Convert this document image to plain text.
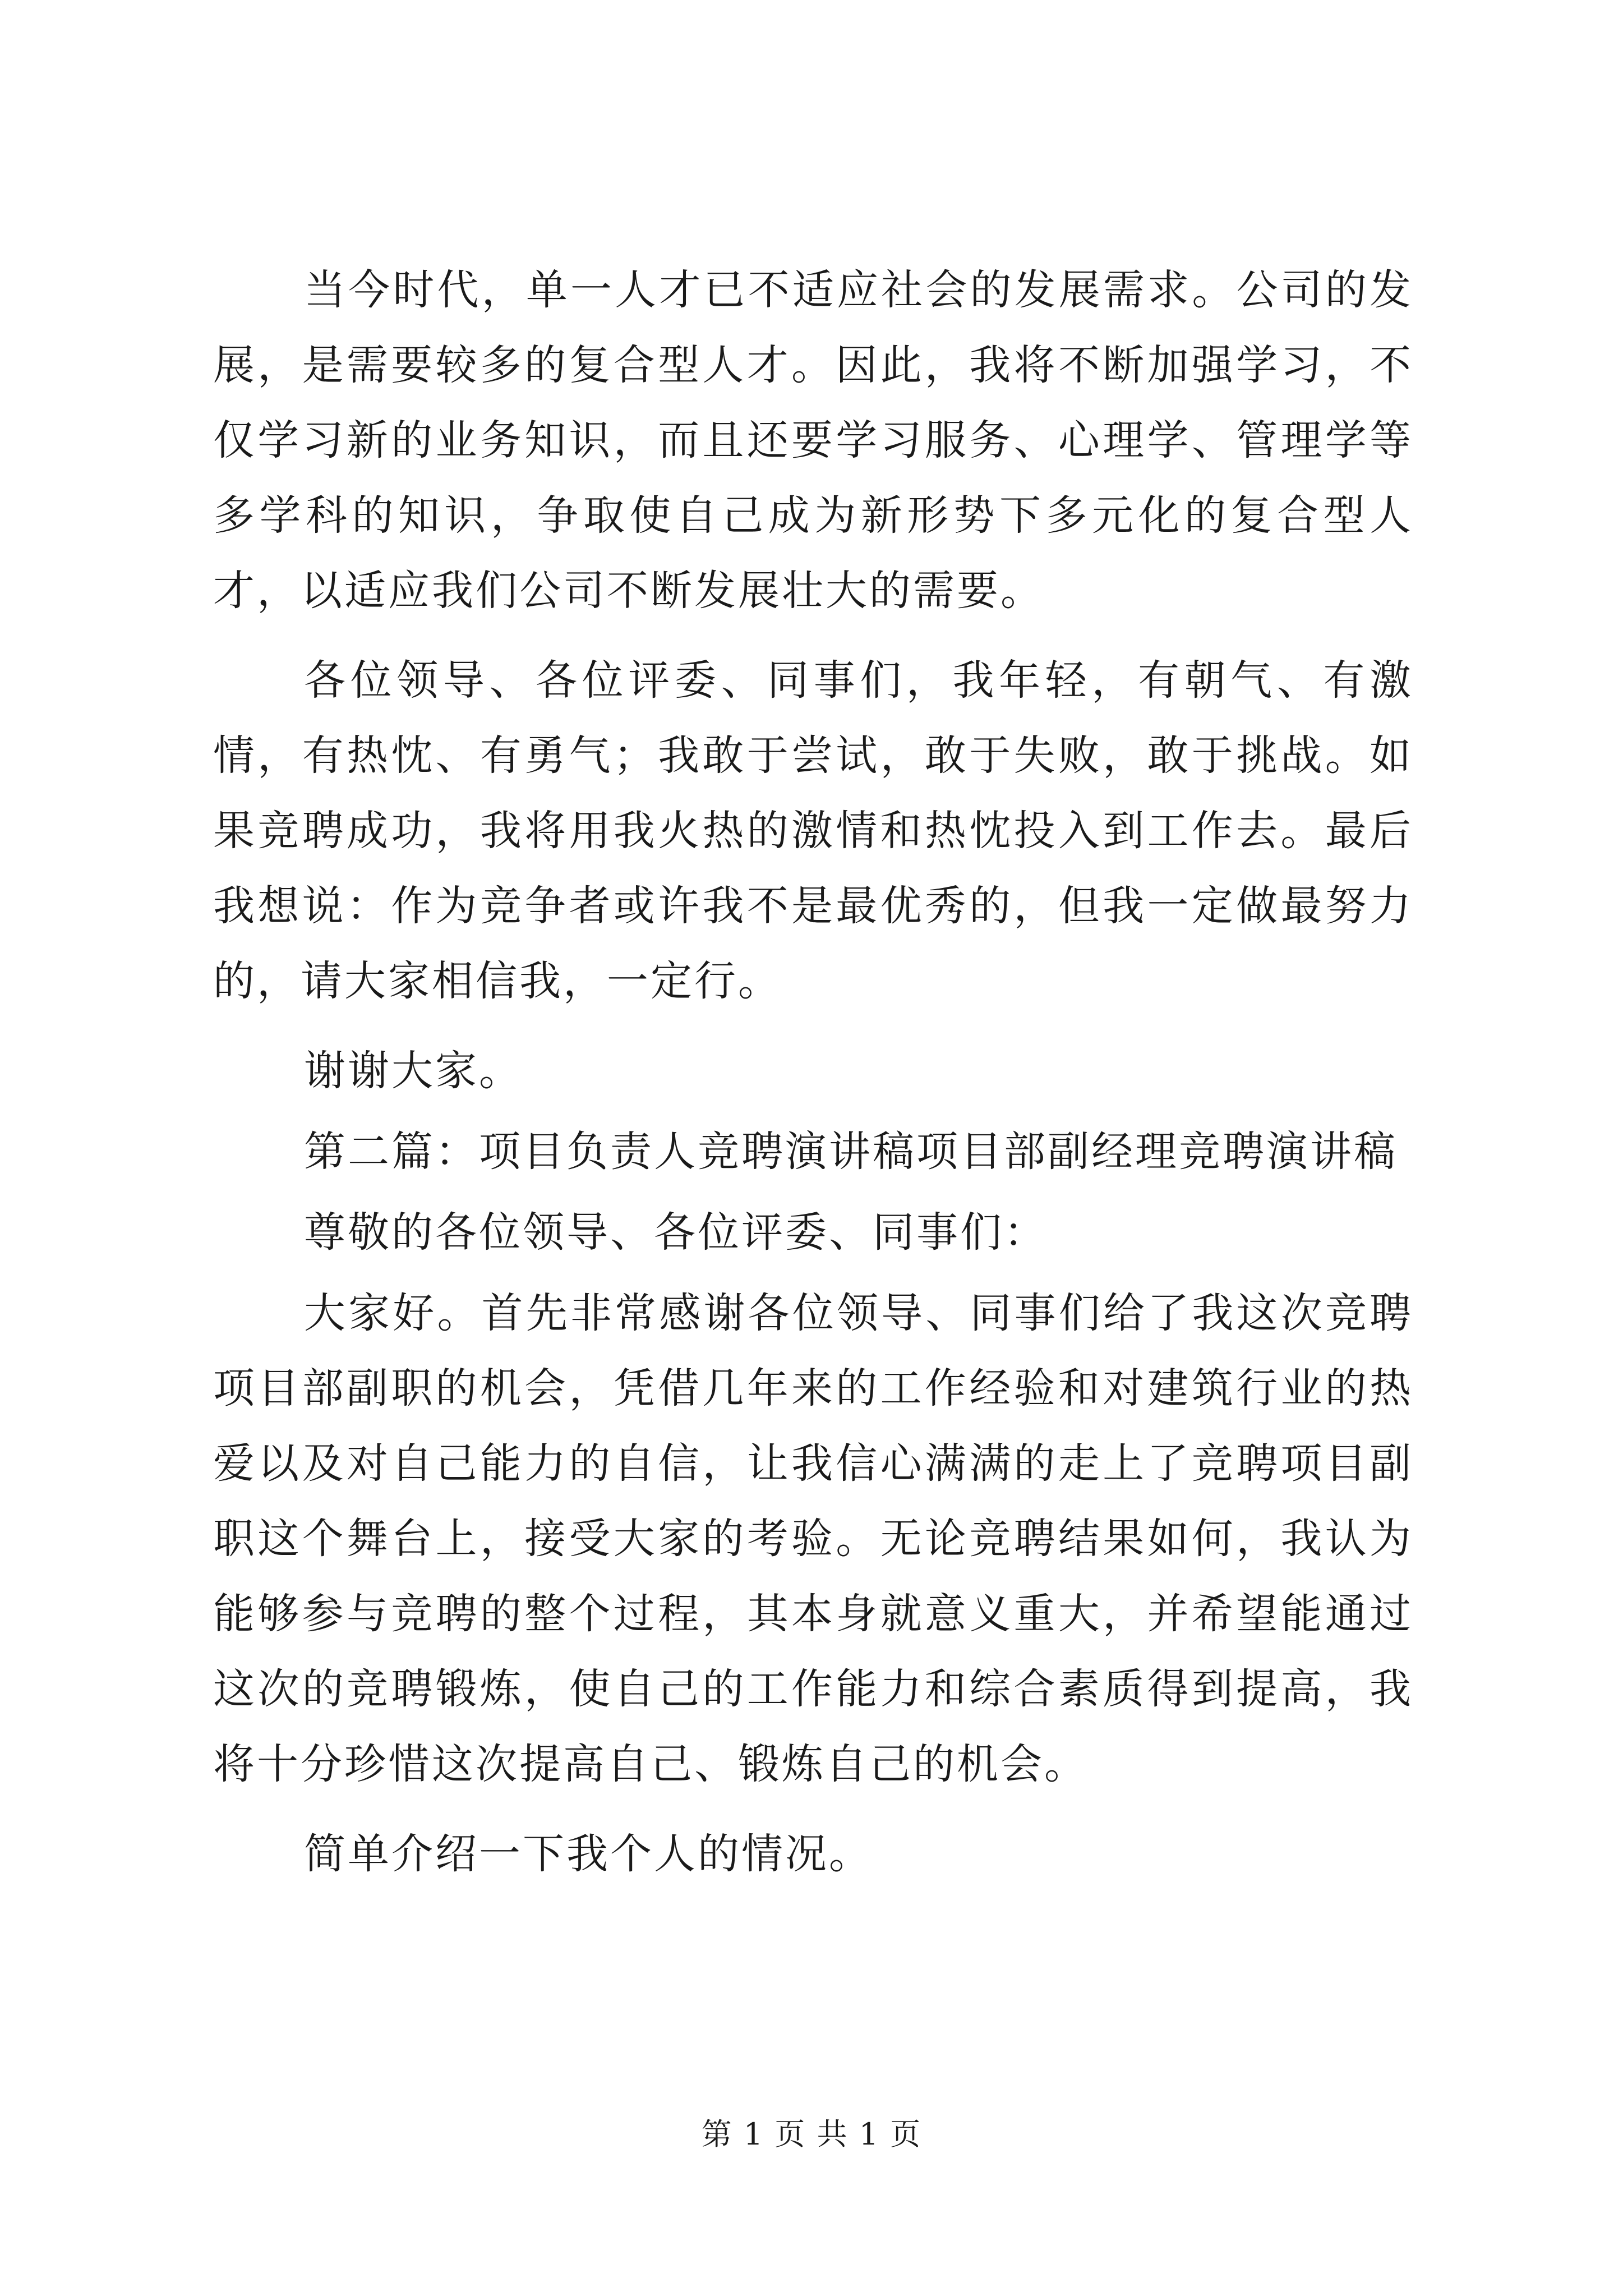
当今时代，单一人才已不适应社会的发展需求。公司的发展，是需要较多的复合型人才。因此，我将不断加强学习，不仅学习新的业务知识，而且还要学习服务、心理学、管理学等多学科的知识，争取使自己成为新形势下多元化的复合型人才，以适应我们公司不断发展壮大的需要。

各位领导、各位评委、同事们，我年轻，有朝气、有激情，有热忱、有勇气；我敢于尝试，敢于失败，敢于挑战。如果竞聘成功，我将用我火热的激情和热忱投入到工作去。最后我想说：作为竞争者或许我不是最优秀的，但我一定做最努力的，请大家相信我，一定行。

谢谢大家。

第二篇：项目负责人竞聘演讲稿项目部副经理竞聘演讲稿

尊敬的各位领导、各位评委、同事们：

大家好。首先非常感谢各位领导、同事们给了我这次竞聘项目部副职的机会，凭借几年来的工作经验和对建筑行业的热爱以及对自己能力的自信，让我信心满满的走上了竞聘项目副职这个舞台上，接受大家的考验。无论竞聘结果如何，我认为能够参与竞聘的整个过程，其本身就意义重大，并希望能通过这次的竞聘锻炼，使自己的工作能力和综合素质得到提高，我将十分珍惜这次提高自己、锻炼自己的机会。

简单介绍一下我个人的情况。

第 1 页 共 1 页
